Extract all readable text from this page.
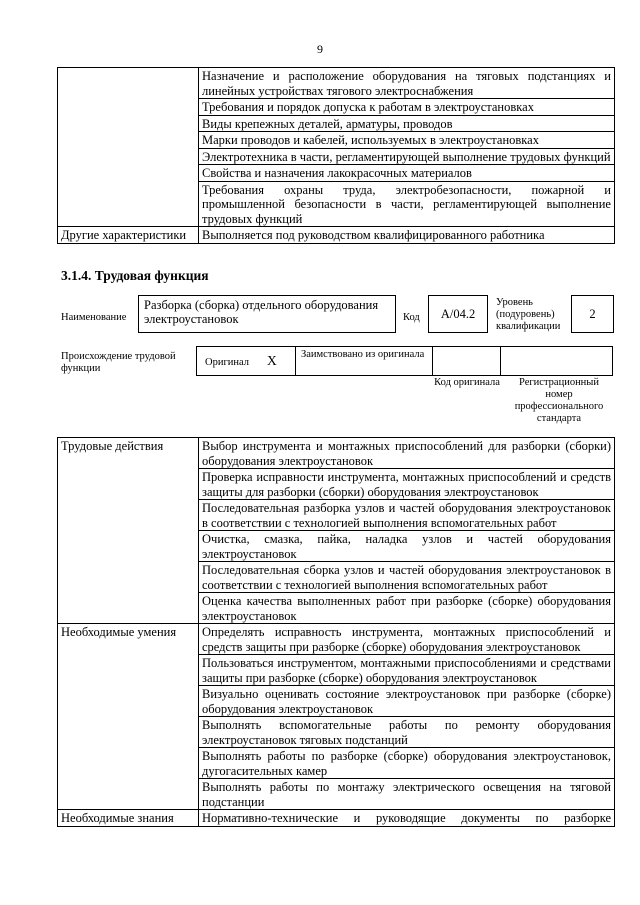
9
	Назначение и расположение оборудования на тяговых подстанциях и линейных устройствах тягового электроснабжения
	Требования и порядок допуска к работам в электроустановках
	Виды крепежных деталей, арматуры, проводов
	Марки проводов и кабелей, используемых в электроустановках
	Электротехника в части, регламентирующей выполнение трудовых функций
	Свойства и назначения лакокрасочных материалов
	Требования охраны труда, электробезопасности, пожарной и промышленной безопасности в части, регламентирующей выполнение трудовых функций
Другие характеристики	Выполняется под руководством квалифицированного работника
3.1.4. Трудовая функция
Наименование
Разборка (сборка) отдельного оборудования электроустановок	Код A/04.2
Уровень (подуровень) квалификации
2
Происхождение трудовой функции
Оригинал X Заимствовано из оригинала
Код оригинала	Регистрационный номер профессионального стандарта
Трудовые действия	Выбор инструмента и монтажных приспособлений для разборки (сборки) оборудования электроустановок
	Проверка исправности инструмента, монтажных приспособлений и средств защиты для разборки (сборки) оборудования электроустановок
	Последовательная разборка узлов и частей оборудования электроустановок в соответствии с технологией выполнения вспомогательных работ
	Очистка, смазка, пайка, наладка узлов и частей оборудования электроустановок
	Последовательная сборка узлов и частей оборудования электроустановок в соответствии с технологией выполнения вспомогательных работ
	Оценка качества выполненных работ при разборке (сборке) оборудования электроустановок
Необходимые умения	Определять исправность инструмента, монтажных приспособлений и средств защиты при разборке (сборке) оборудования электроустановок
	Пользоваться инструментом, монтажными приспособлениями и средствами защиты при разборке (сборке) оборудования электроустановок
	Визуально оценивать состояние электроустановок при разборке (сборке) оборудования электроустановок
	Выполнять вспомогательные работы по ремонту оборудования электроустановок тяговых подстанций
	Выполнять работы по разборке (сборке) оборудования электроустановок, дугогасительных камер
	Выполнять работы по монтажу электрического освещения на тяговой подстанции
Необходимые знания	Нормативно-технические и руководящие документы по разборке
